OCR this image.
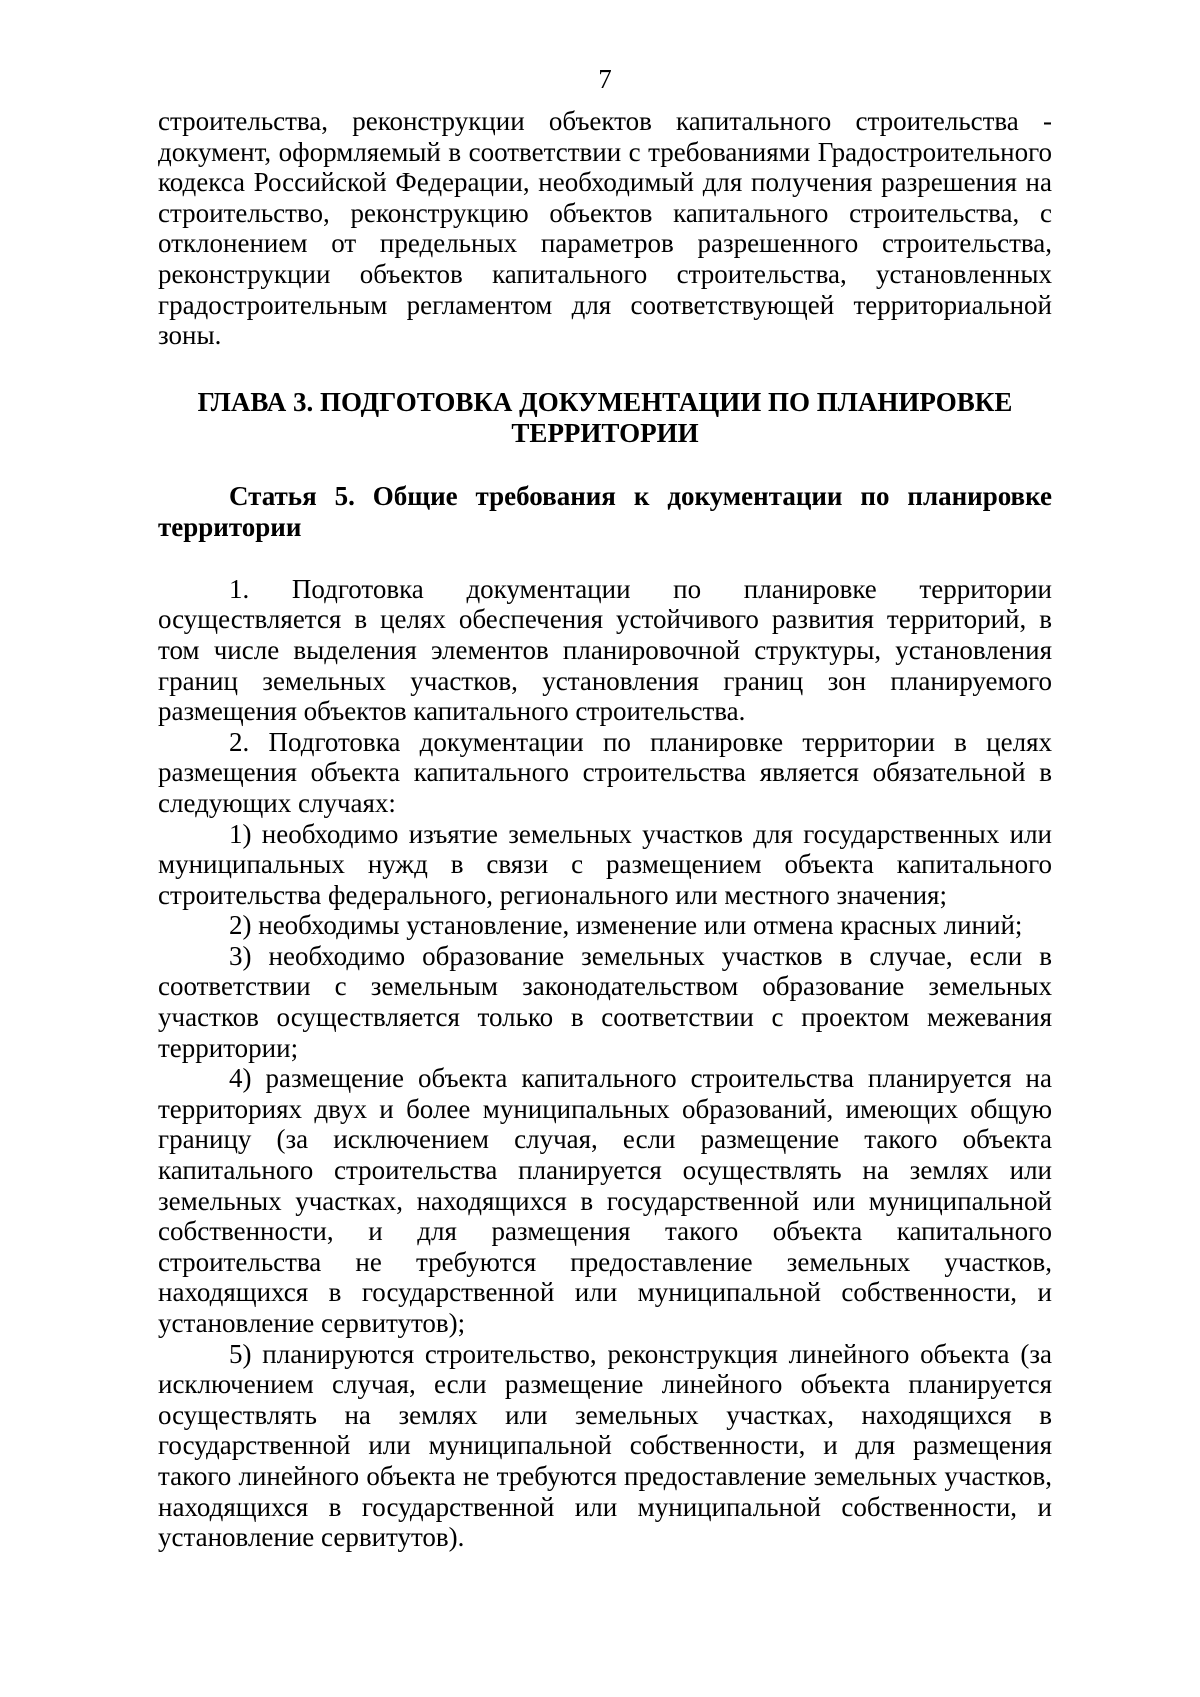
7

строительства, реконструкции объектов капитального строительства - документ, оформляемый в соответствии с требованиями Градостроительного кодекса Российской Федерации, необходимый для получения разрешения на строительство, реконструкцию объектов капитального строительства, с отклонением от предельных параметров разрешенного строительства, реконструкции объектов капитального строительства, установленных градостроительным регламентом для соответствующей территориальной зоны.

ГЛАВА 3. ПОДГОТОВКА ДОКУМЕНТАЦИИ ПО ПЛАНИРОВКЕ
ТЕРРИТОРИИ
Статья 5. Общие требования к документации по планировке территории

1. Подготовка документации по планировке территории осуществляется в целях обеспечения устойчивого развития территорий, в том числе выделения элементов планировочной структуры, установления границ земельных участков, установления границ зон планируемого размещения объектов капитального строительства.

2. Подготовка документации по планировке территории в целях размещения объекта капитального строительства является обязательной в следующих случаях:

1) необходимо изъятие земельных участков для государственных или муниципальных нужд в связи с размещением объекта капитального строительства федерального, регионального или местного значения;

2) необходимы установление, изменение или отмена красных линий;

3) необходимо образование земельных участков в случае, если в соответствии с земельным законодательством образование земельных участков осуществляется только в соответствии с проектом межевания территории;

4) размещение объекта капитального строительства планируется на территориях двух и более муниципальных образований, имеющих общую границу (за исключением случая, если размещение такого объекта капитального строительства планируется осуществлять на землях или земельных участках, находящихся в государственной или муниципальной собственности, и для размещения такого объекта капитального строительства не требуются предоставление земельных участков, находящихся в государственной или муниципальной собственности, и установление сервитутов);

5) планируются строительство, реконструкция линейного объекта (за исключением случая, если размещение линейного объекта планируется осуществлять на землях или земельных участках, находящихся в государственной или муниципальной собственности, и для размещения такого линейного объекта не требуются предоставление земельных участков, находящихся в государственной или муниципальной собственности, и установление сервитутов).
